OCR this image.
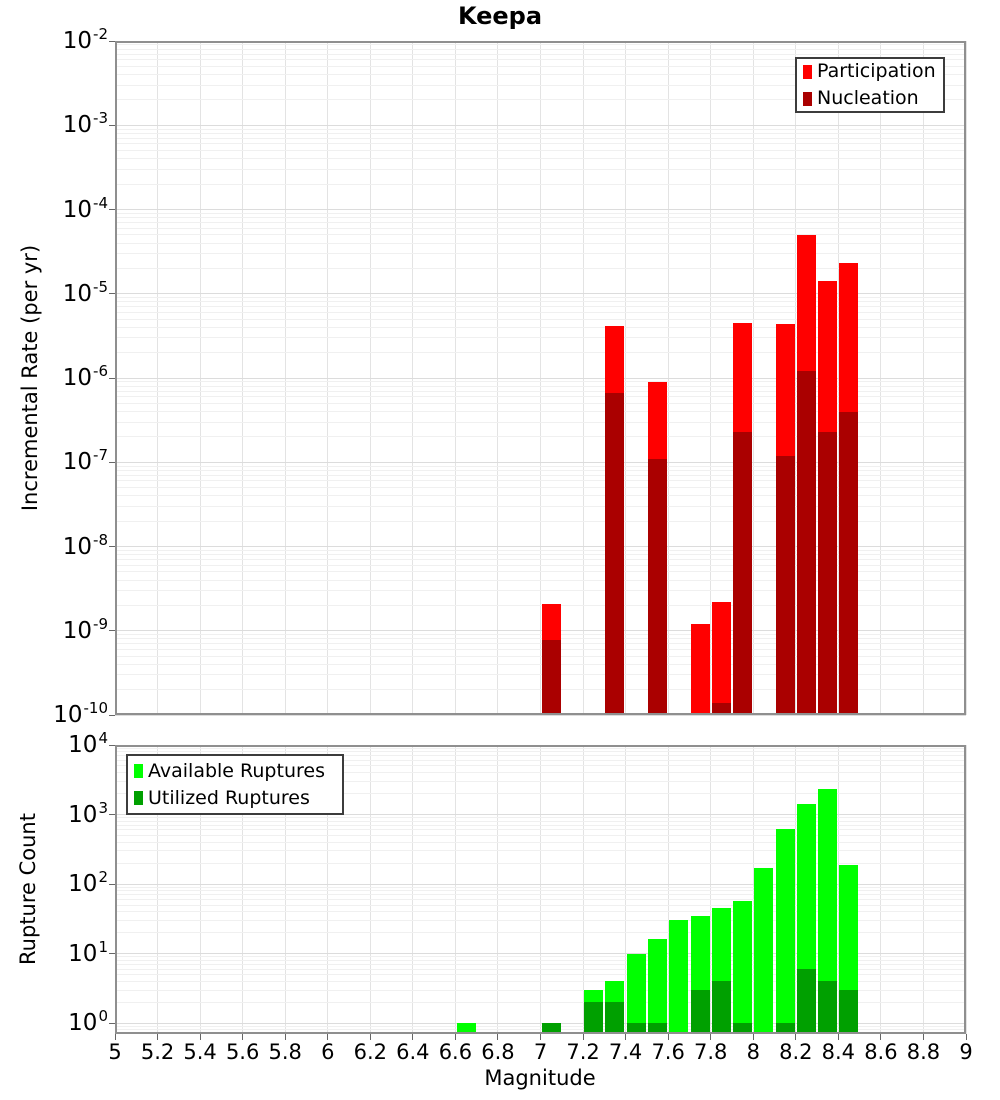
Keepa
Incremental Rate (per yr)
Rupture Count
Participation
Nucleation
Available Ruptures
Utilized Ruptures
Magnitude
$10^{-2}$
$10^{-3}$
$10^{-4}$
$10^{-5}$
$10^{-6}$
$10^{-7}$
$10^{-8}$
$10^{-9}$
$10^{-10}$
$10^4$
$10^3$
$10^2$
$10^1$
$10^0$
5 5.2 5.4 5.6 5.8 6 6.2 6.4 6.6 6.8 7 7.2 7.4 7.6 7.8 8 8.2 8.4 8.6 8.8 9
